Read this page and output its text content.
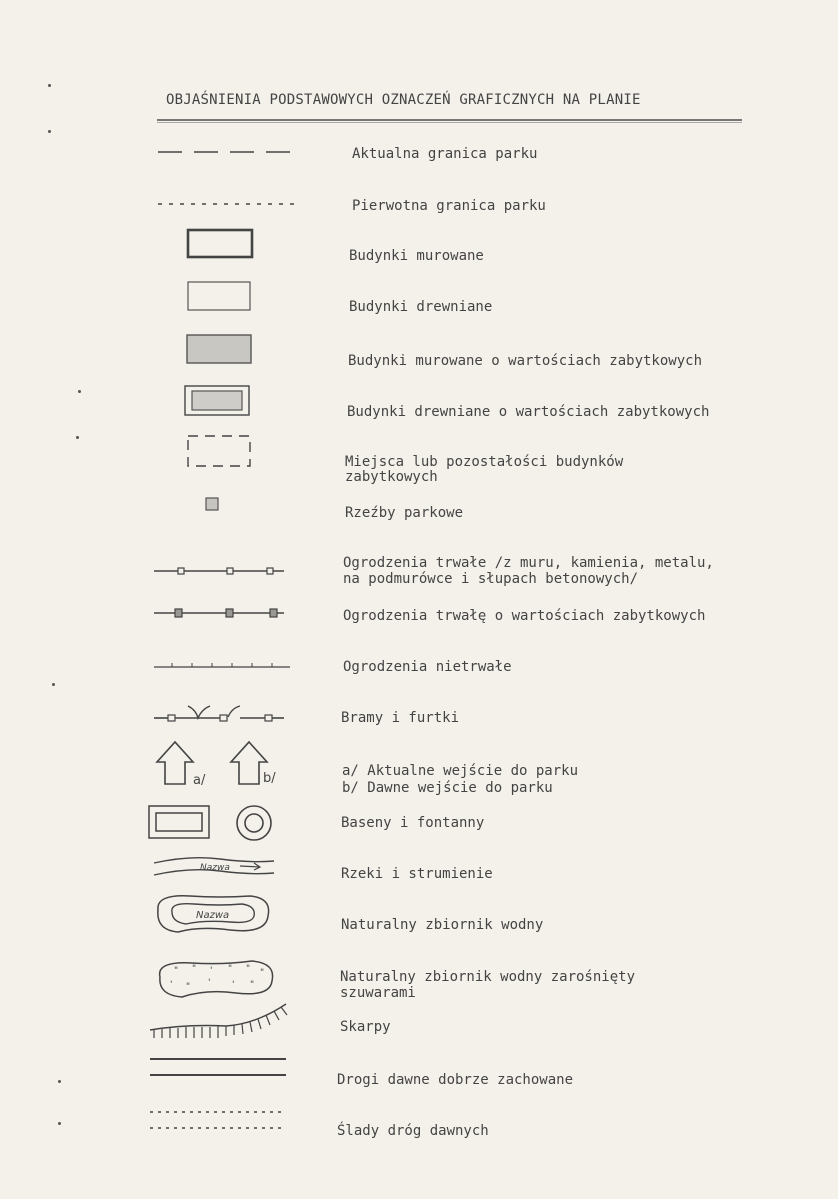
OBJAŚNIENIA PODSTAWOWYCH OZNACZEŃ GRAFICZNYCH NA PLANIE
Aktualna granica parku
Pierwotna granica parku
Budynki murowane
Budynki drewniane
Budynki murowane o wartościach zabytkowych
Budynki drewniane o wartościach zabytkowych
Miejsca lub pozostałości budynków
zabytkowych
Rzeźby parkowe
Ogrodzenia trwałe /z muru, kamienia, metalu,
na podmurówce i słupach betonowych/
Ogrodzenia trwałę o wartościach zabytkowych
Ogrodzenia nietrwałe
Bramy i furtki
a/	b/	a/ Aktualne wejście do parku
b/ Dawne wejście do parku
Baseny i fontanny
Nazwa	Rzeki i strumienie
Nazwa
Naturalny zbiornik wodny
" " ' " " "
' " ' ' "	Naturalny zbiornik wodny zarośnięty
szuwarami
Skarpy
Drogi dawne dobrze zachowane
Ślady dróg dawnych
